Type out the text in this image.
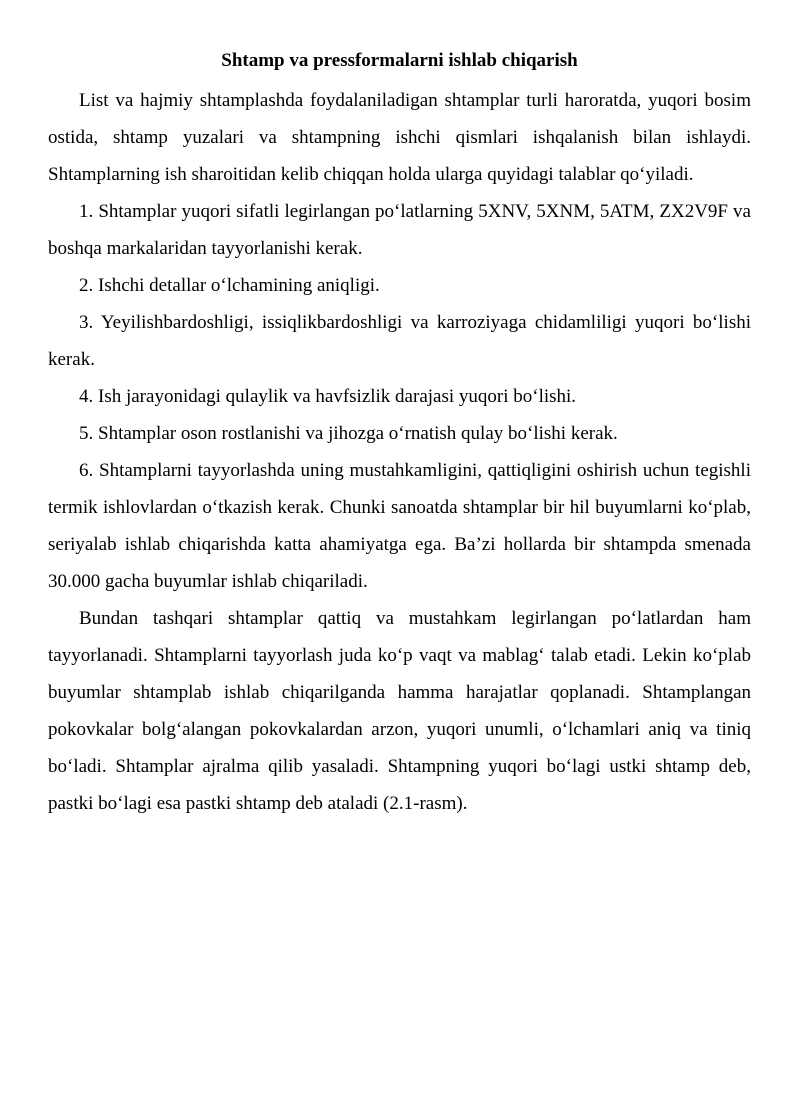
Shtamp va pressformalarni ishlab chiqarish

List va hajmiy shtamplashda foydalaniladigan shtamplar turli haroratda, yuqori bosim ostida, shtamp yuzalari va shtampning ishchi qismlari ishqalanish bilan ishlaydi. Shtamplarning ish sharoitidan kelib chiqqan holda ularga quyidagi talablar qo‘yiladi.

1. Shtamplar yuqori sifatli legirlangan po‘latlarning 5XNV, 5XNM, 5ATM, ZX2V9F va boshqa markalaridan tayyorlanishi kerak.

2. Ishchi detallar o‘lchamining aniqligi.

3. Yeyilishbardoshligi, issiqlikbardoshligi va karroziyaga chidamliligi yuqori bo‘lishi kerak.

4. Ish jarayonidagi qulaylik va havfsizlik darajasi yuqori bo‘lishi.

5. Shtamplar oson rostlanishi va jihozga o‘rnatish qulay bo‘lishi kerak.

6. Shtamplarni tayyorlashda uning mustahkamligini, qattiqligini oshirish uchun tegishli termik ishlovlardan o‘tkazish kerak. Chunki sanoatda shtamplar bir hil buyumlarni ko‘plab, seriyalab ishlab chiqarishda katta ahamiyatga ega. Ba’zi hollarda bir shtampda smenada 30.000 gacha buyumlar ishlab chiqariladi.

Bundan tashqari shtamplar qattiq va mustahkam legirlangan po‘latlardan ham tayyorlanadi. Shtamplarni tayyorlash juda ko‘p vaqt va mablag‘ talab etadi. Lekin ko‘plab buyumlar shtamplab ishlab chiqarilganda hamma harajatlar qoplanadi. Shtamplangan pokovkalar bolg‘alangan pokovkalardan arzon, yuqori unumli, o‘lchamlari aniq va tiniq bo‘ladi. Shtamplar ajralma qilib yasaladi. Shtampning yuqori bo‘lagi ustki shtamp deb, pastki bo‘lagi esa pastki shtamp deb ataladi (2.1-rasm).
